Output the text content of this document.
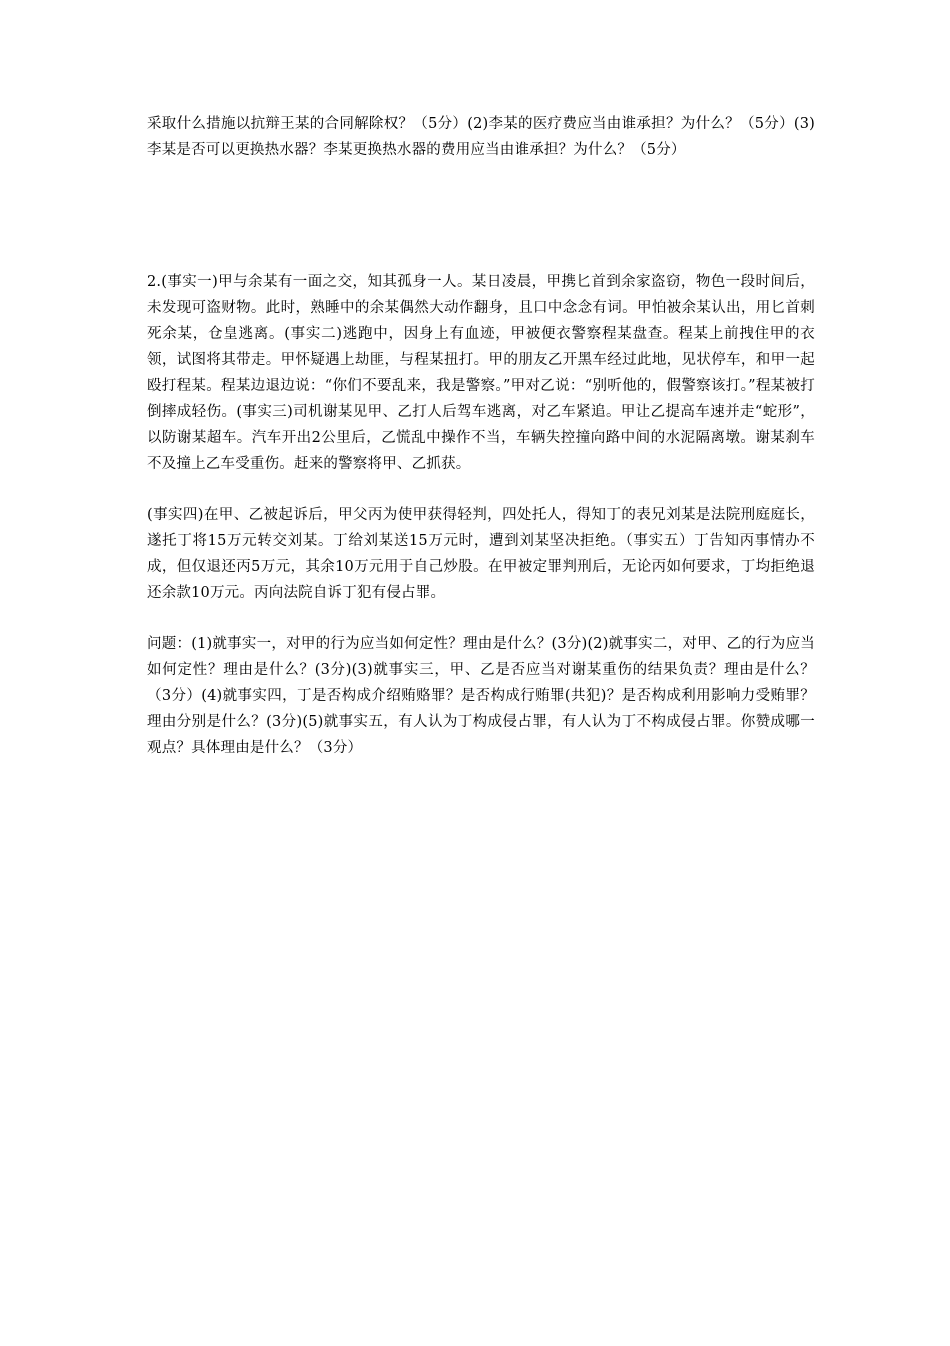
采取什么措施以抗辩王某的合同解除权？（5分）(2)李某的医疗费应当由谁承担？为什么？（5分）(3)李某是否可以更换热水器？李某更换热水器的费用应当由谁承担？为什么？（5分）

2.(事实一)甲与余某有一面之交，知其孤身一人。某日凌晨，甲携匕首到余家盗窃，物色一段时间后，未发现可盗财物。此时，熟睡中的余某偶然大动作翻身，且口中念念有词。甲怕被余某认出，用匕首刺死余某，仓皇逃离。(事实二)逃跑中，因身上有血迹，甲被便衣警察程某盘查。程某上前拽住甲的衣领，试图将其带走。甲怀疑遇上劫匪，与程某扭打。甲的朋友乙开黑车经过此地，见状停车，和甲一起殴打程某。程某边退边说：“你们不要乱来，我是警察。”甲对乙说：“别听他的，假警察该打。”程某被打倒摔成轻伤。(事实三)司机谢某见甲、乙打人后驾车逃离，对乙车紧追。甲让乙提高车速并走“蛇形”，以防谢某超车。汽车开出2公里后，乙慌乱中操作不当，车辆失控撞向路中间的水泥隔离墩。谢某刹车不及撞上乙车受重伤。赶来的警察将甲、乙抓获。

(事实四)在甲、乙被起诉后，甲父丙为使甲获得轻判，四处托人，得知丁的表兄刘某是法院刑庭庭长，遂托丁将15万元转交刘某。丁给刘某送15万元时，遭到刘某坚决拒绝。（事实五）丁告知丙事情办不成，但仅退还丙5万元，其余10万元用于自己炒股。在甲被定罪判刑后，无论丙如何要求，丁均拒绝退还余款10万元。丙向法院自诉丁犯有侵占罪。

问题：(1)就事实一，对甲的行为应当如何定性？理由是什么？(3分)(2)就事实二，对甲、乙的行为应当如何定性？理由是什么？(3分)(3)就事实三，甲、乙是否应当对谢某重伤的结果负责？理由是什么？（3分）(4)就事实四，丁是否构成介绍贿赂罪？是否构成行贿罪(共犯)？是否构成利用影响力受贿罪？理由分别是什么？(3分)(5)就事实五，有人认为丁构成侵占罪，有人认为丁不构成侵占罪。你赞成哪一观点？具体理由是什么？（3分）
